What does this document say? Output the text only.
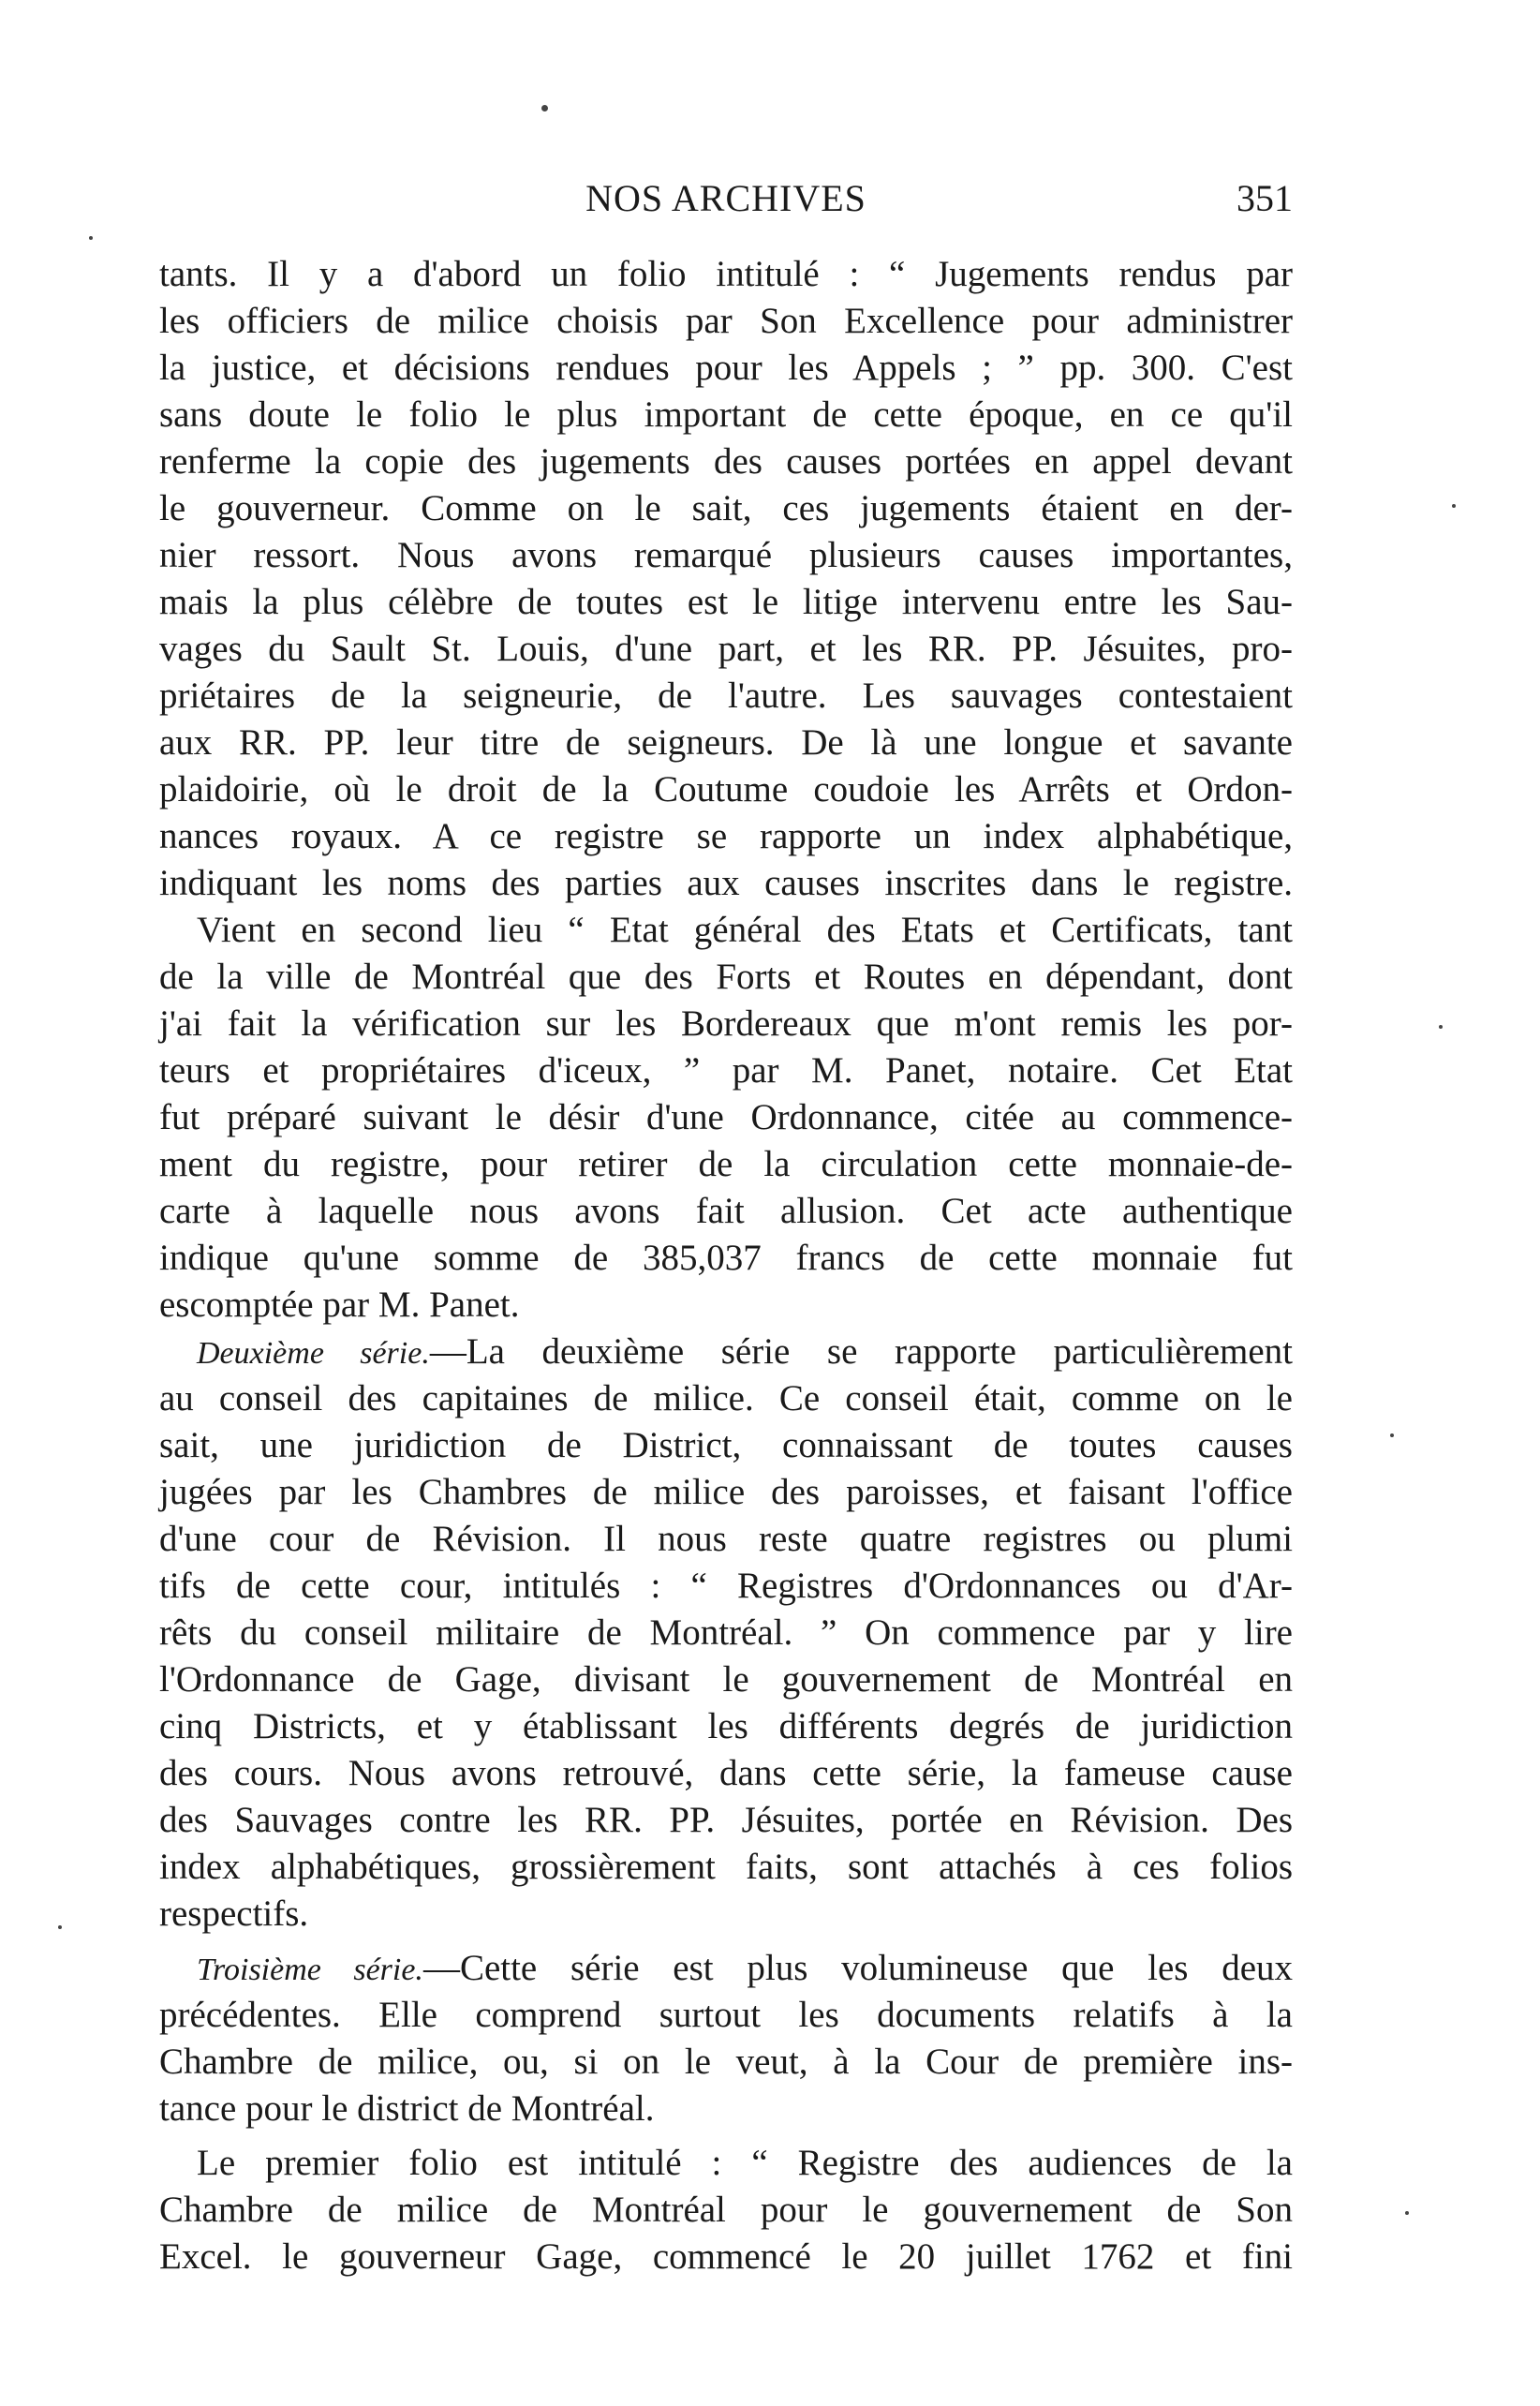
NOS ARCHIVES	351
tants. Il y a d'abord un folio intitulé : “ Jugements rendus par
les officiers de milice choisis par Son Excellence pour administrer
la justice, et décisions rendues pour les Appels ; ” pp. 300. C'est
sans doute le folio le plus important de cette époque, en ce qu'il
renferme la copie des jugements des causes portées en appel devant
le gouverneur. Comme on le sait, ces jugements étaient en der-
nier ressort. Nous avons remarqué plusieurs causes importantes,
mais la plus célèbre de toutes est le litige intervenu entre les Sau-
vages du Sault St. Louis, d'une part, et les RR. PP. Jésuites, pro-
priétaires de la seigneurie, de l'autre. Les sauvages contestaient
aux RR. PP. leur titre de seigneurs. De là une longue et savante
plaidoirie, où le droit de la Coutume coudoie les Arrêts et Ordon-
nances royaux. A ce registre se rapporte un index alphabétique,
indiquant les noms des parties aux causes inscrites dans le registre.
Vient en second lieu “ Etat général des Etats et Certificats, tant
de la ville de Montréal que des Forts et Routes en dépendant, dont
j'ai fait la vérification sur les Bordereaux que m'ont remis les por-
teurs et propriétaires d'iceux, ” par M. Panet, notaire. Cet Etat
fut préparé suivant le désir d'une Ordonnance, citée au commence-
ment du registre, pour retirer de la circulation cette monnaie-de-
carte à laquelle nous avons fait allusion. Cet acte authentique
indique qu'une somme de 385,037 francs de cette monnaie fut
escomptée par M. Panet.
Deuxième série.—La deuxième série se rapporte particulièrement
au conseil des capitaines de milice. Ce conseil était, comme on le
sait, une juridiction de District, connaissant de toutes causes
jugées par les Chambres de milice des paroisses, et faisant l'office
d'une cour de Révision. Il nous reste quatre registres ou plumi
tifs de cette cour, intitulés : “ Registres d'Ordonnances ou d'Ar-
rêts du conseil militaire de Montréal. ” On commence par y lire
l'Ordonnance de Gage, divisant le gouvernement de Montréal en
cinq Districts, et y établissant les différents degrés de juridiction
des cours. Nous avons retrouvé, dans cette série, la fameuse cause
des Sauvages contre les RR. PP. Jésuites, portée en Révision. Des
index alphabétiques, grossièrement faits, sont attachés à ces folios
respectifs.
Troisième série.—Cette série est plus volumineuse que les deux
précédentes. Elle comprend surtout les documents relatifs à la
Chambre de milice, ou, si on le veut, à la Cour de première ins-
tance pour le district de Montréal.
Le premier folio est intitulé : “ Registre des audiences de la
Chambre de milice de Montréal pour le gouvernement de Son
Excel. le gouverneur Gage, commencé le 20 juillet 1762 et fini
